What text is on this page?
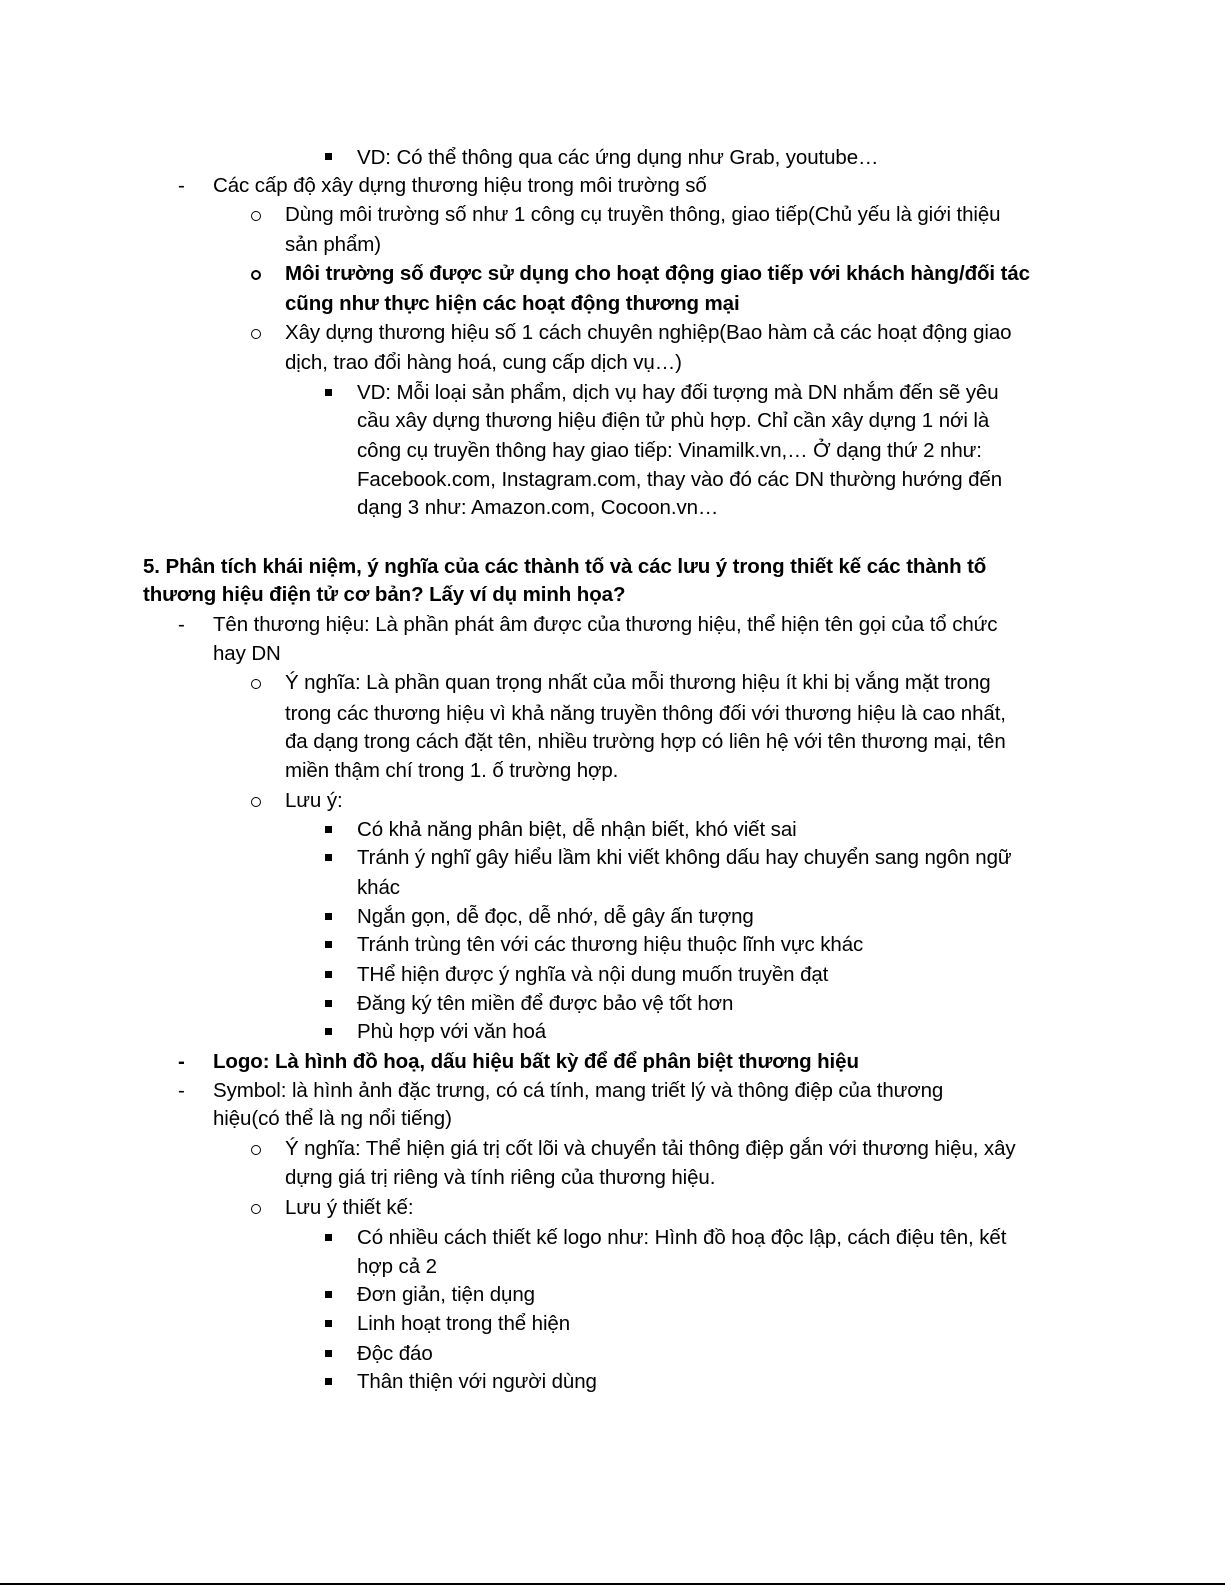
VD: Có thể thông qua các ứng dụng như Grab, youtube…
-	Các cấp độ xây dựng thương hiệu trong môi trường số
Dùng môi trường số như 1 công cụ truyền thông, giao tiếp(Chủ yếu là giới thiệu
sản phẩm)
Môi trường số được sử dụng cho hoạt động giao tiếp với khách hàng/đối tác
cũng như thực hiện các hoạt động thương mại
Xây dựng thương hiệu số 1 cách chuyên nghiệp(Bao hàm cả các hoạt động giao
dịch, trao đổi hàng hoá, cung cấp dịch vụ…)
VD: Mỗi loại sản phẩm, dịch vụ hay đối tượng mà DN nhắm đến sẽ yêu
cầu xây dựng thương hiệu điện tử phù hợp. Chỉ cần xây dựng 1 nới là
công cụ truyền thông hay giao tiếp: Vinamilk.vn,… Ở dạng thứ 2 như:
Facebook.com, Instagram.com, thay vào đó các DN thường hướng đến
dạng 3 như: Amazon.com, Cocoon.vn…
5. Phân tích khái niệm, ý nghĩa của các thành tố và các lưu ý trong thiết kế các thành tố
thương hiệu điện tử cơ bản? Lấy ví dụ minh họa?
-	Tên thương hiệu: Là phần phát âm được của thương hiệu, thể hiện tên gọi của tổ chức
hay DN
Ý nghĩa: Là phần quan trọng nhất của mỗi thương hiệu ít khi bị vắng mặt trong
trong các thương hiệu vì khả năng truyền thông đối với thương hiệu là cao nhất,
đa dạng trong cách đặt tên, nhiều trường hợp có liên hệ với tên thương mại, tên
miền thậm chí trong 1. ố trường hợp.
Lưu ý:
Có khả năng phân biệt, dễ nhận biết, khó viết sai
Tránh ý nghĩ gây hiểu lầm khi viết không dấu hay chuyển sang ngôn ngữ
khác
Ngắn gọn, dễ đọc, dễ nhớ, dễ gây ấn tượng
Tránh trùng tên với các thương hiệu thuộc lĩnh vực khác
THể hiện được ý nghĩa và nội dung muốn truyền đạt
Đăng ký tên miền để được bảo vệ tốt hơn
Phù hợp với văn hoá
-	Logo: Là hình đồ hoạ, dấu hiệu bất kỳ để để phân biệt thương hiệu
-	Symbol: là hình ảnh đặc trưng, có cá tính, mang triết lý và thông điệp của thương
hiệu(có thể là ng nổi tiếng)
Ý nghĩa: Thể hiện giá trị cốt lõi và chuyển tải thông điệp gắn với thương hiệu, xây
dựng giá trị riêng và tính riêng của thương hiệu.
Lưu ý thiết kế:
Có nhiều cách thiết kế logo như: Hình đồ hoạ độc lập, cách điệu tên, kết
hợp cả 2
Đơn giản, tiện dụng
Linh hoạt trong thể hiện
Độc đáo
Thân thiện với người dùng
